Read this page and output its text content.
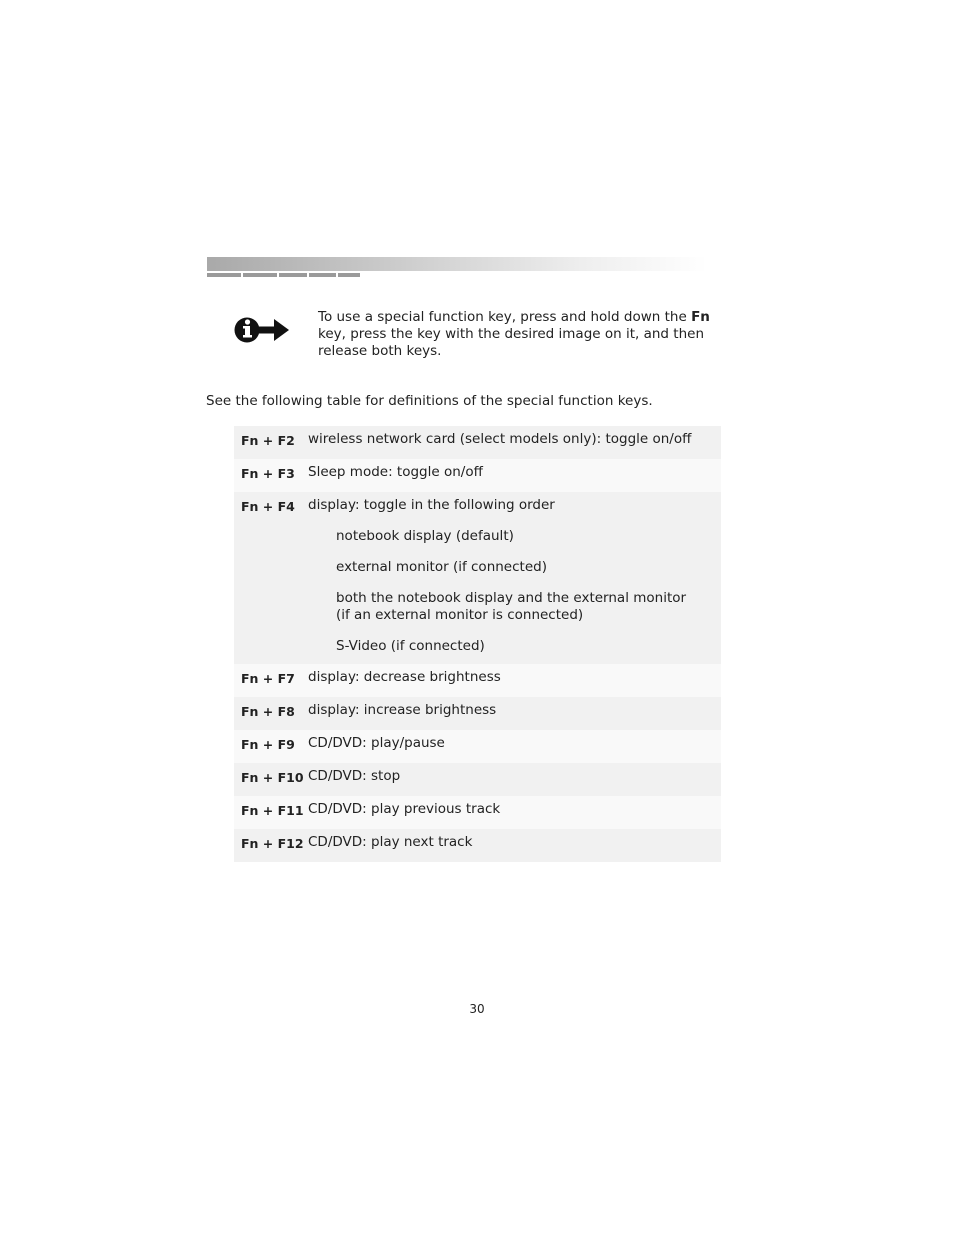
To use a special function key, press and hold down the Fn
key, press the key with the desired image on it, and then
release both keys.
See the following table for definitions of the special function keys.
Fn + F2 wireless network card (select models only): toggle on/off
Fn + F3 Sleep mode: toggle on/off
Fn + F4 display: toggle in the following order
notebook display (default)
external monitor (if connected)
both the notebook display and the external monitor (if an external monitor is connected)
S-Video (if connected)
Fn + F7 display: decrease brightness
Fn + F8 display: increase brightness
Fn + F9 CD/DVD: play/pause
Fn + F10 CD/DVD: stop
Fn + F11 CD/DVD: play previous track
Fn + F12 CD/DVD: play next track
30
